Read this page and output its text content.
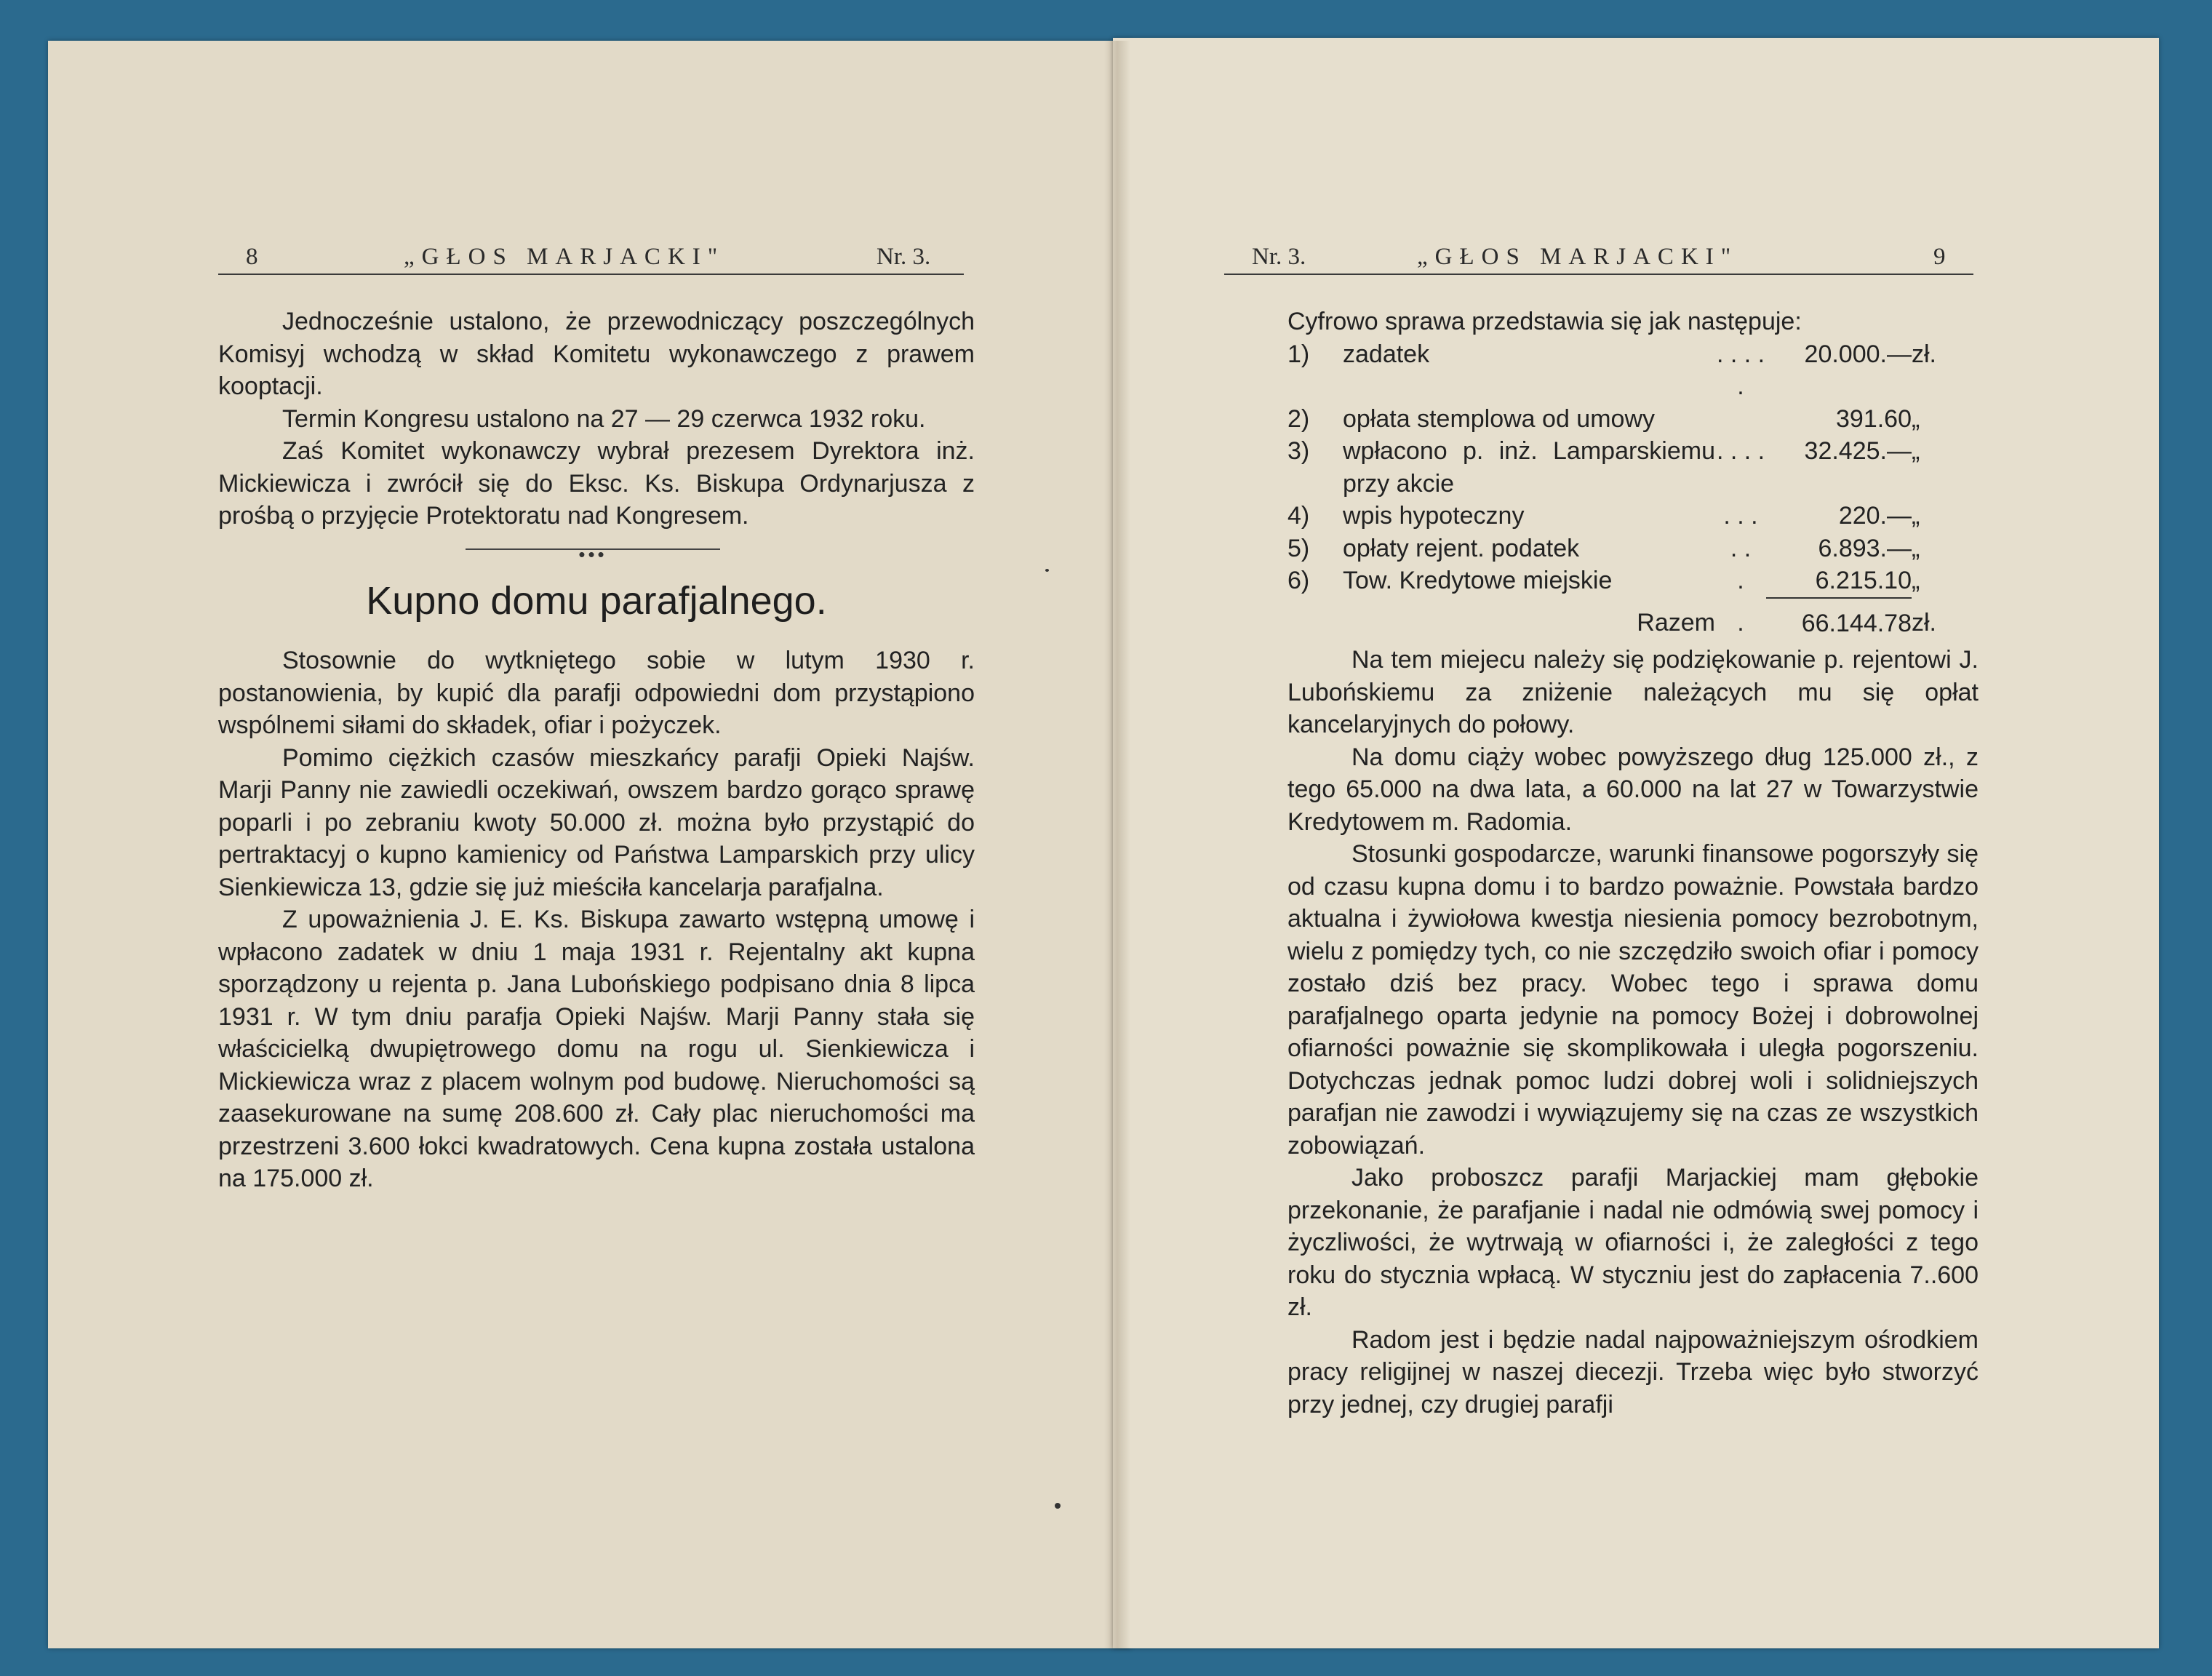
8	„GŁOS MARJACKI"	Nr. 3.

Jednocześnie ustalono, że przewodniczący poszczególnych Komisyj wchodzą w skład Komitetu wykonawczego z prawem kooptacji.

Termin Kongresu ustalono na 27 — 29 czerwca 1932 roku.

Zaś Komitet wykonawczy wybrał prezesem Dyrektora inż. Mickiewicza i zwrócił się do Eksc. Ks. Biskupa Ordynarjusza z prośbą o przyjęcie Protektoratu nad Kongresem.

•••
Kupno domu parafjalnego.

Stosownie do wytkniętego sobie w lutym 1930 r. postanowienia, by kupić dla parafji odpowiedni dom przystąpiono wspólnemi siłami do składek, ofiar i pożyczek.

Pomimo ciężkich czasów mieszkańcy parafji Opieki Najśw. Marji Panny nie zawiedli oczekiwań, owszem bardzo gorąco sprawę poparli i po zebraniu kwoty 50.000 zł. można było przystąpić do pertraktacyj o kupno kamienicy od Państwa Lamparskich przy ulicy Sienkiewicza 13, gdzie się już mieściła kancelarja parafjalna.

Z upoważnienia J. E. Ks. Biskupa zawarto wstępną umowę i wpłacono zadatek w dniu 1 maja 1931 r. Rejentalny akt kupna sporządzony u rejenta p. Jana Lubońskiego podpisano dnia 8 lipca 1931 r. W tym dniu parafja Opieki Najśw. Marji Panny stała się właścicielką dwupiętrowego domu na rogu ul. Sienkiewicza i Mickiewicza wraz z placem wolnym pod budowę. Nieruchomości są zaasekurowane na sumę 208.600 zł. Cały plac nieruchomości ma przestrzeni 3.600 łokci kwadratowych. Cena kupna została ustalona na 175.000 zł.

Nr. 3.	„GŁOS MARJACKI"	9

Cyfrowo sprawa przedstawia się jak następuje:

1)	zadatek	. . . . .	20.000.—	zł.
2)	opłata stemplowa od umowy		391.60	„
3)	wpłacono p. inż. Lamparskiemu przy akcie	. . . .	32.425.—	„
4)	wpis hypoteczny	. . .	220.—	„
5)	opłaty rejent. podatek	. .	6.893.—	„
6)	Tow. Kredytowe miejskie	.	6.215.10	„
	Razem	.	66.144.78	zł.

Na tem miejecu należy się podziękowanie p. rejentowi J. Lubońskiemu za zniżenie należących mu się opłat kancelaryjnych do połowy.

Na domu ciąży wobec powyższego dług 125.000 zł., z tego 65.000 na dwa lata, a 60.000 na lat 27 w Towarzystwie Kredytowem m. Radomia.

Stosunki gospodarcze, warunki finansowe pogorszyły się od czasu kupna domu i to bardzo poważnie. Powstała bardzo aktualna i żywiołowa kwestja niesienia pomocy bezrobotnym, wielu z pomiędzy tych, co nie szczędziło swoich ofiar i pomocy zostało dziś bez pracy. Wobec tego i sprawa domu parafjalnego oparta jedynie na pomocy Bożej i dobrowolnej ofiarności poważnie się skomplikowała i uległa pogorszeniu. Dotychczas jednak pomoc ludzi dobrej woli i solidniejszych parafjan nie zawodzi i wywiązujemy się na czas ze wszystkich zobowiązań.

Jako proboszcz parafji Marjackiej mam głębokie przekonanie, że parafjanie i nadal nie odmówią swej pomocy i życzliwości, że wytrwają w ofiarności i, że zaległości z tego roku do stycznia wpłacą. W styczniu jest do zapłacenia 7..600 zł.

Radom jest i będzie nadal najpoważniejszym ośrodkiem pracy religijnej w naszej diecezji. Trzeba więc było stworzyć przy jednej, czy drugiej parafji
